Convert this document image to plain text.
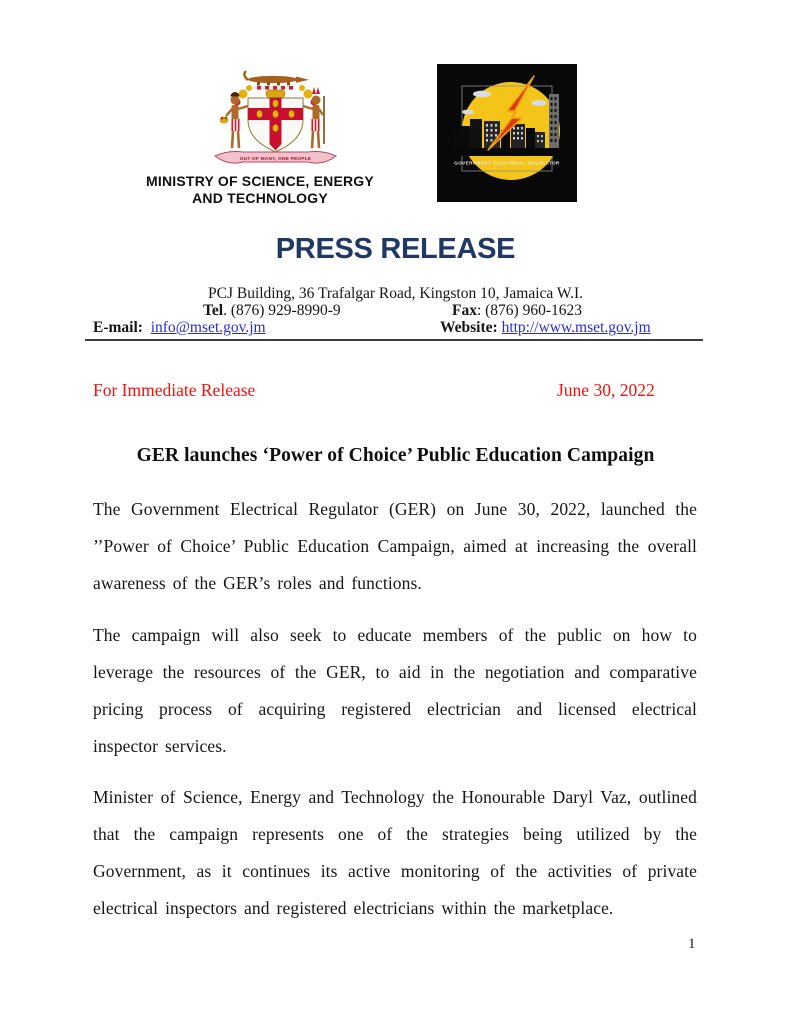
OUT OF MANY, ONE PEOPLE
MINISTRY OF SCIENCE, ENERGY
AND TECHNOLOGY
GOVERNMENT ELECTRICAL REGULATOR
PRESS RELEASE
PCJ Building, 36 Trafalgar Road, Kingston 10, Jamaica W.I.
Tel. (876) 929-8990-9	Fax: (876) 960-1623
E-mail: info@mset.gov.jm	Website: http://www.mset.gov.jm
For Immediate Release	June 30, 2022
GER launches ‘Power of Choice’ Public Education Campaign

The Government Electrical Regulator (GER) on June 30, 2022, launched the ’’Power of Choice’ Public Education Campaign, aimed at increasing the overall awareness of the GER’s roles and functions.

The campaign will also seek to educate members of the public on how to leverage the resources of the GER, to aid in the negotiation and comparative pricing process of acquiring registered electrician and licensed electrical inspector services.

Minister of Science, Energy and Technology the Honourable Daryl Vaz, outlined that the campaign represents one of the strategies being utilized by the Government, as it continues its active monitoring of the activities of private electrical inspectors and registered electricians within the marketplace.

1
